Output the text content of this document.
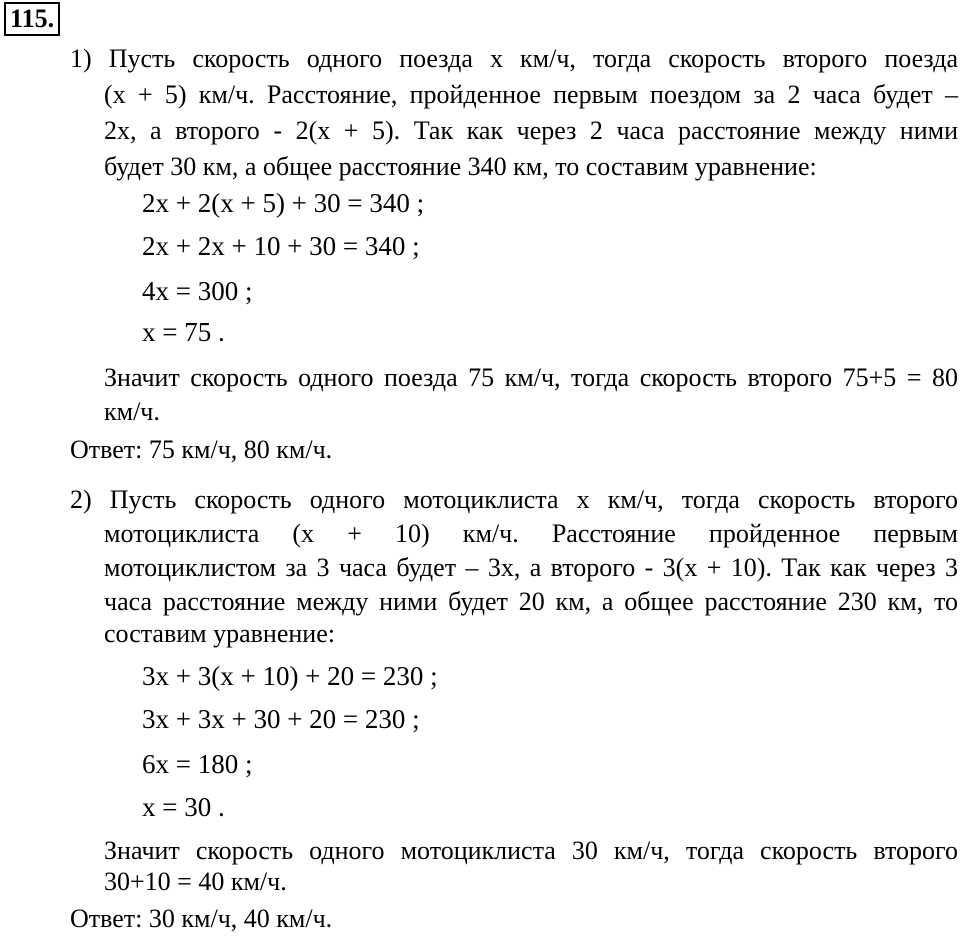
115.
1) Пусть скорость одного поезда x км/ч, тогда скорость второго поезда
(x + 5) км/ч. Расстояние, пройденное первым поездом за 2 часа будет –
2x, а второго - 2(x + 5). Так как через 2 часа расстояние между ними
будет 30 км, а общее расстояние 340 км, то составим уравнение:
2x + 2(x + 5) + 30 = 340 ;
2x + 2x + 10 + 30 = 340 ;
4x = 300 ;
x = 75 .
Значит скорость одного поезда 75 км/ч, тогда скорость второго 75+5 = 80
км/ч.
Ответ: 75 км/ч, 80 км/ч.
2) Пусть скорость одного мотоциклиста x км/ч, тогда скорость второго
мотоциклиста (x + 10) км/ч. Расстояние пройденное первым
мотоциклистом за 3 часа будет – 3x, а второго - 3(x + 10). Так как через 3
часа расстояние между ними будет 20 км, а общее расстояние 230 км, то
составим уравнение:
3x + 3(x + 10) + 20 = 230 ;
3x + 3x + 30 + 20 = 230 ;
6x = 180 ;
x = 30 .
Значит скорость одного мотоциклиста 30 км/ч, тогда скорость второго
30+10 = 40 км/ч.
Ответ: 30 км/ч, 40 км/ч.
